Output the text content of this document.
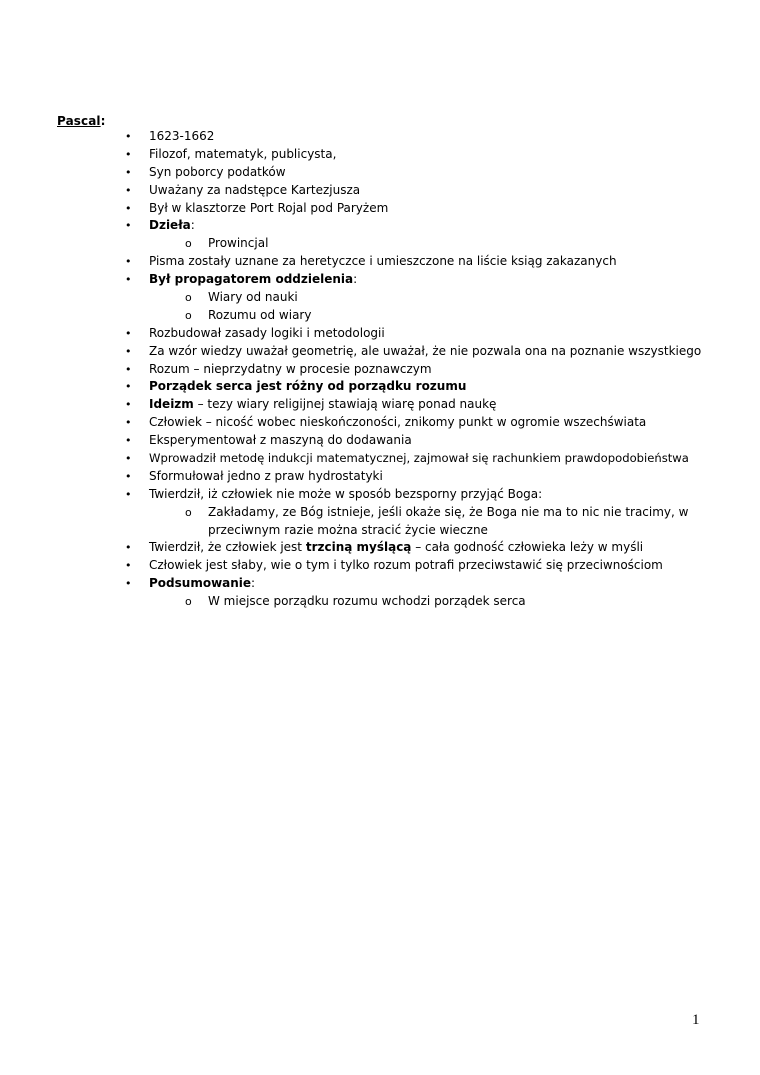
Pascal:
• 1623-1662
• Filozof, matematyk, publicysta,
• Syn poborcy podatków
• Uważany za nadstępce Kartezjusza
• Był w klasztorze Port Rojal pod Paryżem
• Dzieła:
o Prowincjal
• Pisma zostały uznane za heretyczce i umieszczone na liście ksiąg zakazanych
• Był propagatorem oddzielenia:
o Wiary od nauki
o Rozumu od wiary
• Rozbudował zasady logiki i metodologii
• Za wzór wiedzy uważał geometrię, ale uważał, że nie pozwala ona na poznanie wszystkiego
• Rozum – nieprzydatny w procesie poznawczym
• Porządek serca jest różny od porządku rozumu
• Ideizm – tezy wiary religijnej stawiają wiarę ponad naukę
• Człowiek – nicość wobec nieskończoności, znikomy punkt w ogromie wszechświata
• Eksperymentował z maszyną do dodawania
• Wprowadził metodę indukcji matematycznej, zajmował się rachunkiem prawdopodobieństwa
• Sformułował jedno z praw hydrostatyki
• Twierdził, iż człowiek nie może w sposób bezsporny przyjąć Boga:
o Zakładamy, ze Bóg istnieje, jeśli okaże się, że Boga nie ma to nic nie tracimy, w
przeciwnym razie można stracić życie wieczne
• Twierdził, że człowiek jest trzciną myślącą – cała godność człowieka leży w myśli
• Człowiek jest słaby, wie o tym i tylko rozum potrafi przeciwstawić się przeciwnościom
• Podsumowanie:
o W miejsce porządku rozumu wchodzi porządek serca
1
